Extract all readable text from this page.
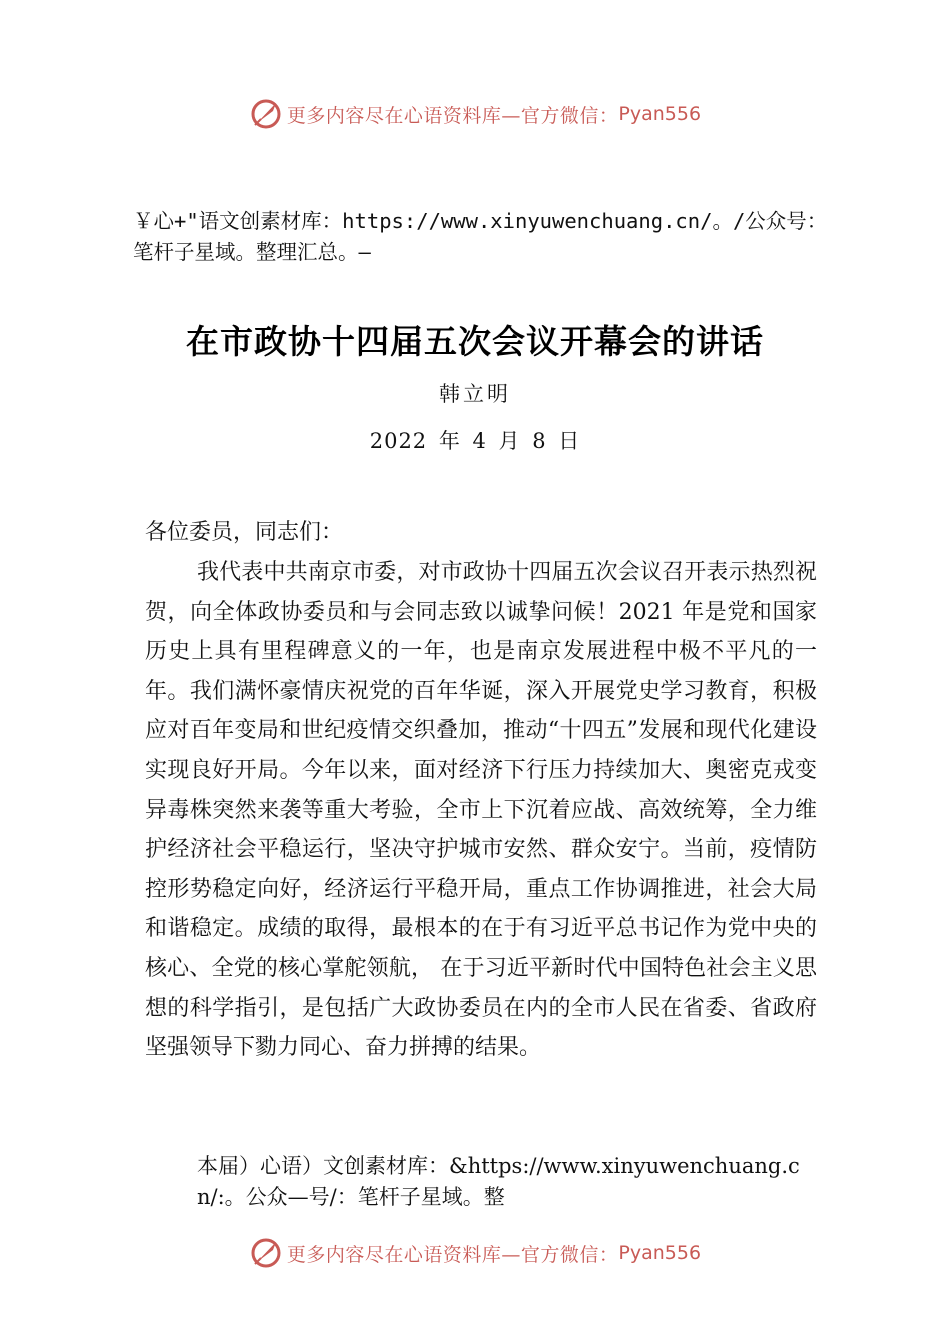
更多内容尽在心语资料库—官方微信： Pyan556
￥心+"语文创素材库：https://www.xinyuwenchuang.cn/。/公众号：笔杆子星域。整理汇总。—
在市政协十四届五次会议开幕会的讲话
韩立明
2022 年 4 月 8 日
各位委员，同志们：
我代表中共南京市委，对市政协十四届五次会议召开表示热烈祝贺，向全体政协委员和与会同志致以诚挚问候！2021 年是党和国家历史上具有里程碑意义的一年，也是南京发展进程中极不平凡的一年。我们满怀豪情庆祝党的百年华诞，深入开展党史学习教育，积极应对百年变局和世纪疫情交织叠加，推动“十四五”发展和现代化建设实现良好开局。今年以来，面对经济下行压力持续加大、奥密克戎变异毒株突然来袭等重大考验，全市上下沉着应战、高效统筹，全力维护经济社会平稳运行，坚决守护城市安然、群众安宁。当前，疫情防控形势稳定向好，经济运行平稳开局，重点工作协调推进，社会大局和谐稳定。成绩的取得，最根本的在于有习近平总书记作为党中央的核心、全党的核心掌舵领航， 在于习近平新时代中国特色社会主义思想的科学指引，是包括广大政协委员在内的全市人民在省委、省政府坚强领导下勠力同心、奋力拼搏的结果。
本届）心语）文创素材库：&https://www.xinyuwenchuang.cn/:。公众—号/：笔杆子星域。整
更多内容尽在心语资料库—官方微信： Pyan556
